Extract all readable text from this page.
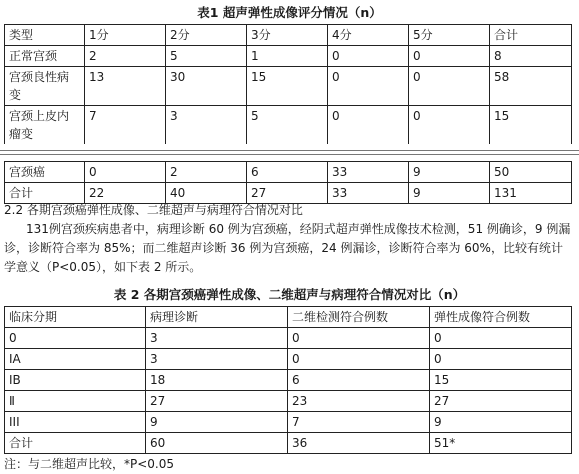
表1 超声弹性成像评分情况（n）
类型	1分	2分	3分	4分	5分	合计
正常宫颈	2	5	1	0	0	8
宫颈良性病变	13	30	15	0	0	58
宫颈上皮内瘤变	7	3	5	0	0	15
宫颈癌	0	2	6	33	9	50
合计	22	40	27	33	9	131
2.2 各期宫颈癌弹性成像、二维超声与病理符合情况对比
131例宫颈疾病患者中，病理诊断 60 例为宫颈癌，经阴式超声弹性成像技术检测，51 例确诊，9 例漏诊，诊断符合率为 85%；而二维超声诊断 36 例为宫颈癌，24 例漏诊，诊断符合率为 60%，比较有统计学意义（P<0.05），如下表 2 所示。
表 2 各期宫颈癌弹性成像、二维超声与病理符合情况对比（n）
临床分期	病理诊断	二维检测符合例数	弹性成像符合例数
0	3	0	0
IA	3	0	0
IB	18	6	15
Ⅱ	27	23	27
III	9	7	9
合计	60	36	51*
注：与二维超声比较，*P<0.05
